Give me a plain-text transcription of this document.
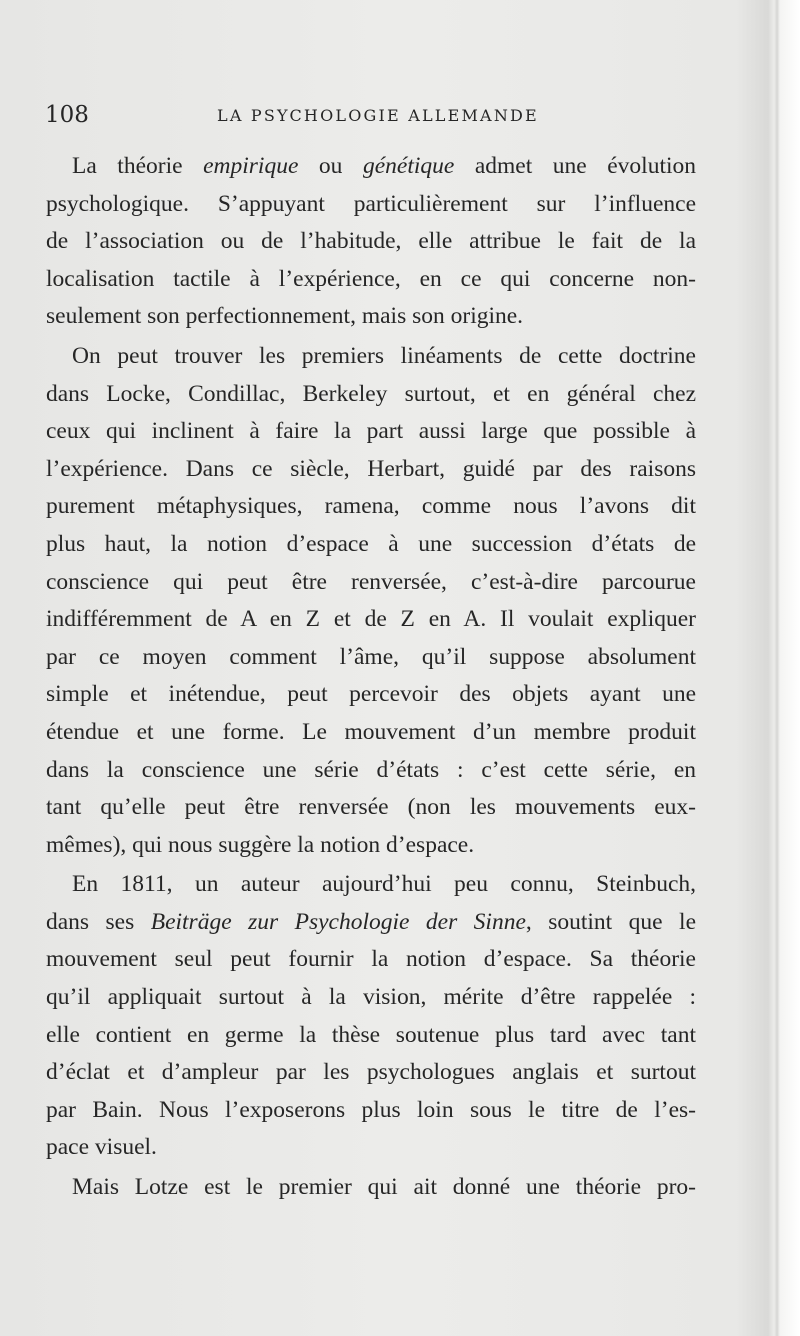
108	LA PSYCHOLOGIE ALLEMANDE
La théorie empirique ou génétique admet une évolution
psychologique. S’appuyant particulièrement sur l’influence
de l’association ou de l’habitude, elle attribue le fait de la
localisation tactile à l’expérience, en ce qui concerne non-
seulement son perfectionnement, mais son origine.
On peut trouver les premiers linéaments de cette doctrine
dans Locke, Condillac, Berkeley surtout, et en général chez
ceux qui inclinent à faire la part aussi large que possible à
l’expérience. Dans ce siècle, Herbart, guidé par des raisons
purement métaphysiques, ramena, comme nous l’avons dit
plus haut, la notion d’espace à une succession d’états de
conscience qui peut être renversée, c’est-à-dire parcourue
indifféremment de A en Z et de Z en A. Il voulait expliquer
par ce moyen comment l’âme, qu’il suppose absolument
simple et inétendue, peut percevoir des objets ayant une
étendue et une forme. Le mouvement d’un membre produit
dans la conscience une série d’états : c’est cette série, en
tant qu’elle peut être renversée (non les mouvements eux-
mêmes), qui nous suggère la notion d’espace.
En 1811, un auteur aujourd’hui peu connu, Steinbuch,
dans ses Beiträge zur Psychologie der Sinne, soutint que le
mouvement seul peut fournir la notion d’espace. Sa théorie
qu’il appliquait surtout à la vision, mérite d’être rappelée :
elle contient en germe la thèse soutenue plus tard avec tant
d’éclat et d’ampleur par les psychologues anglais et surtout
par Bain. Nous l’exposerons plus loin sous le titre de l’es-
pace visuel.
Mais Lotze est le premier qui ait donné une théorie pro-
